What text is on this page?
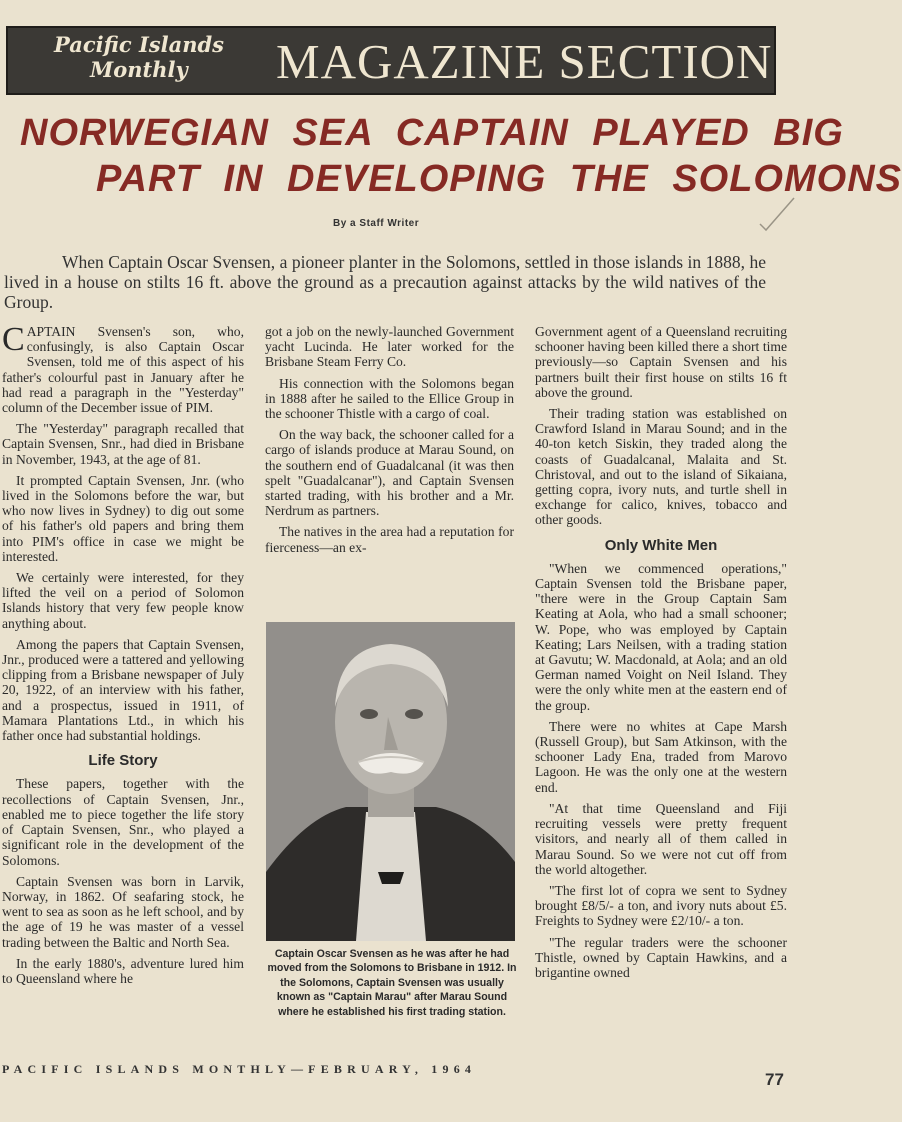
Pacific Islands
Monthly	MAGAZINE SECTION
NORWEGIAN SEA CAPTAIN PLAYED BIG
PART IN DEVELOPING THE SOLOMONS
By a Staff Writer
When Captain Oscar Svensen, a pioneer planter in the Solomons, settled in those islands in 1888, he lived in a house on stilts 16 ft. above the ground as a precaution against attacks by the wild natives of the Group.

CAPTAIN Svensen's son, who, confusingly, is also Captain Oscar Svensen, told me of this aspect of his father's colourful past in January after he had read a paragraph in the "Yesterday" column of the December issue of PIM.

The "Yesterday" paragraph recalled that Captain Svensen, Snr., had died in Brisbane in November, 1943, at the age of 81.

It prompted Captain Svensen, Jnr. (who lived in the Solomons before the war, but who now lives in Sydney) to dig out some of his father's old papers and bring them into PIM's office in case we might be interested.

We certainly were interested, for they lifted the veil on a period of Solomon Islands history that very few people know anything about.

Among the papers that Captain Svensen, Jnr., produced were a tattered and yellowing clipping from a Brisbane newspaper of July 20, 1922, of an interview with his father, and a prospectus, issued in 1911, of Mamara Plantations Ltd., in which his father once had substantial holdings.

Life Story

These papers, together with the recollections of Captain Svensen, Jnr., enabled me to piece together the life story of Captain Svensen, Snr., who played a significant role in the development of the Solomons.

Captain Svensen was born in Larvik, Norway, in 1862. Of seafaring stock, he went to sea as soon as he left school, and by the age of 19 he was master of a vessel trading between the Baltic and North Sea.

In the early 1880's, adventure lured him to Queensland where he

got a job on the newly-launched Government yacht Lucinda. He later worked for the Brisbane Steam Ferry Co.

His connection with the Solomons began in 1888 after he sailed to the Ellice Group in the schooner Thistle with a cargo of coal.

On the way back, the schooner called for a cargo of islands produce at Marau Sound, on the southern end of Guadalcanal (it was then spelt "Guadalcanar"), and Captain Svensen started trading, with his brother and a Mr. Nerdrum as partners.

The natives in the area had a reputation for fierceness—an ex-

Captain Oscar Svensen as he was after he had moved from the Solomons to Brisbane in 1912. In the Solomons, Captain Svensen was usually known as "Captain Marau" after Marau Sound where he established his first trading station.

Government agent of a Queensland recruiting schooner having been killed there a short time previously—so Captain Svensen and his partners built their first house on stilts 16 ft above the ground.

Their trading station was established on Crawford Island in Marau Sound; and in the 40-ton ketch Siskin, they traded along the coasts of Guadalcanal, Malaita and St. Christoval, and out to the island of Sikaiana, getting copra, ivory nuts, and turtle shell in exchange for calico, knives, tobacco and other goods.

Only White Men

"When we commenced operations," Captain Svensen told the Brisbane paper, "there were in the Group Captain Sam Keating at Aola, who had a small schooner; W. Pope, who was employed by Captain Keating; Lars Neilsen, with a trading station at Gavutu; W. Macdonald, at Aola; and an old German named Voight on Neil Island. They were the only white men at the eastern end of the group.

There were no whites at Cape Marsh (Russell Group), but Sam Atkinson, with the schooner Lady Ena, traded from Marovo Lagoon. He was the only one at the western end.

"At that time Queensland and Fiji recruiting vessels were pretty frequent visitors, and nearly all of them called in Marau Sound. So we were not cut off from the world altogether.

"The first lot of copra we sent to Sydney brought £8/5/- a ton, and ivory nuts about £5. Freights to Sydney were £2/10/- a ton.

"The regular traders were the schooner Thistle, owned by Captain Hawkins, and a brigantine owned

PACIFIC ISLANDS MONTHLY—FEBRUARY, 1964
77
